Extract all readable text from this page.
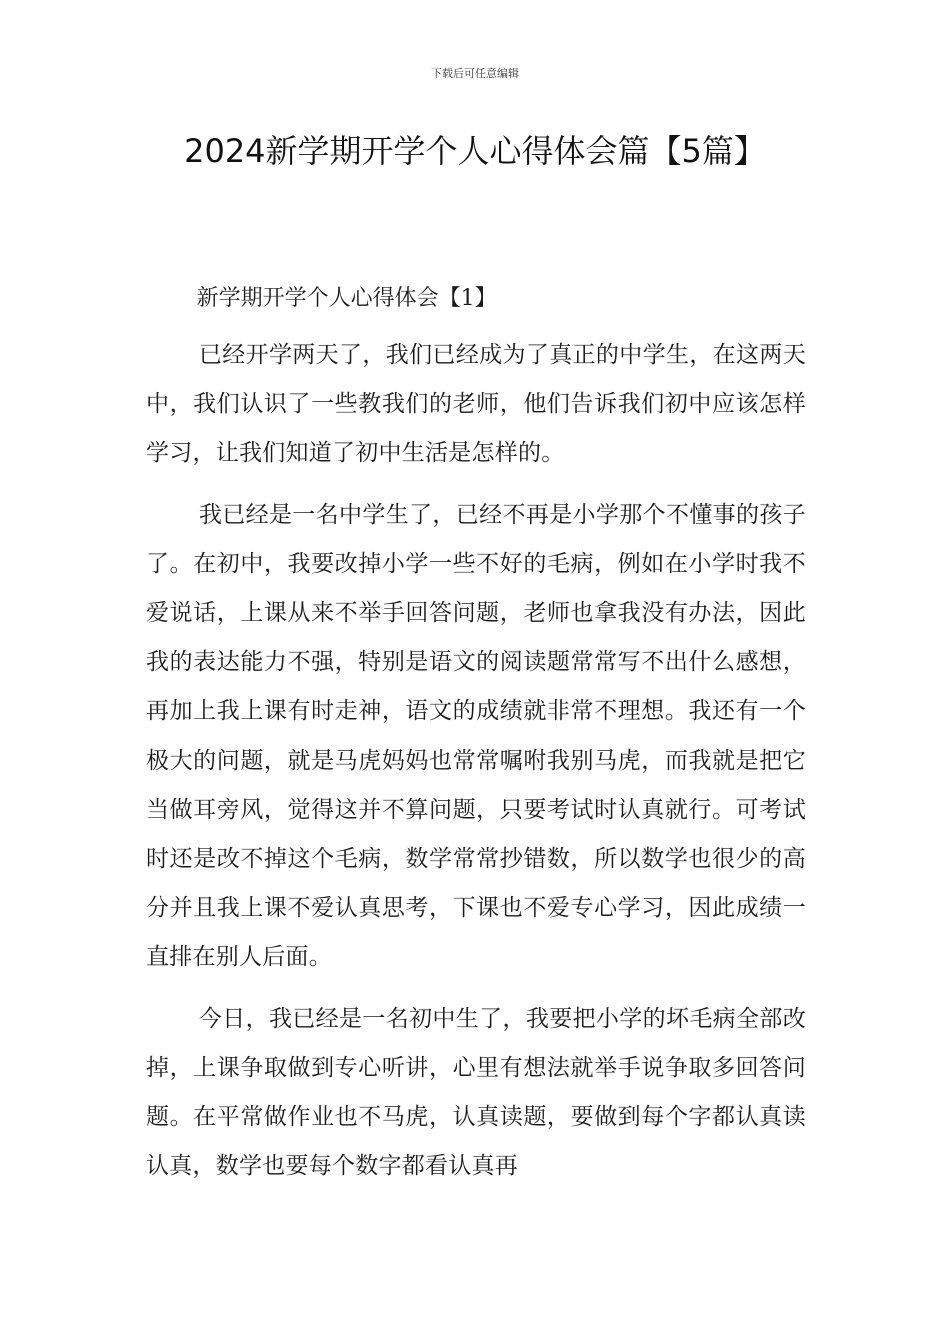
下载后可任意编辑
2024新学期开学个人心得体会篇【5篇】

新学期开学个人心得体会【1】

已经开学两天了，我们已经成为了真正的中学生，在这两天中，我们认识了一些教我们的老师，他们告诉我们初中应该怎样学习，让我们知道了初中生活是怎样的。

我已经是一名中学生了，已经不再是小学那个不懂事的孩子了。在初中，我要改掉小学一些不好的毛病，例如在小学时我不爱说话，上课从来不举手回答问题，老师也拿我没有办法，因此我的表达能力不强，特别是语文的阅读题常常写不出什么感想，再加上我上课有时走神，语文的成绩就非常不理想。我还有一个极大的问题，就是马虎妈妈也常常嘱咐我别马虎，而我就是把它当做耳旁风，觉得这并不算问题，只要考试时认真就行。可考试时还是改不掉这个毛病，数学常常抄错数，所以数学也很少的高分并且我上课不爱认真思考，下课也不爱专心学习，因此成绩一直排在别人后面。

今日，我已经是一名初中生了，我要把小学的坏毛病全部改掉，上课争取做到专心听讲，心里有想法就举手说争取多回答问题。在平常做作业也不马虎，认真读题，要做到每个字都认真读认真，数学也要每个数字都看认真再
